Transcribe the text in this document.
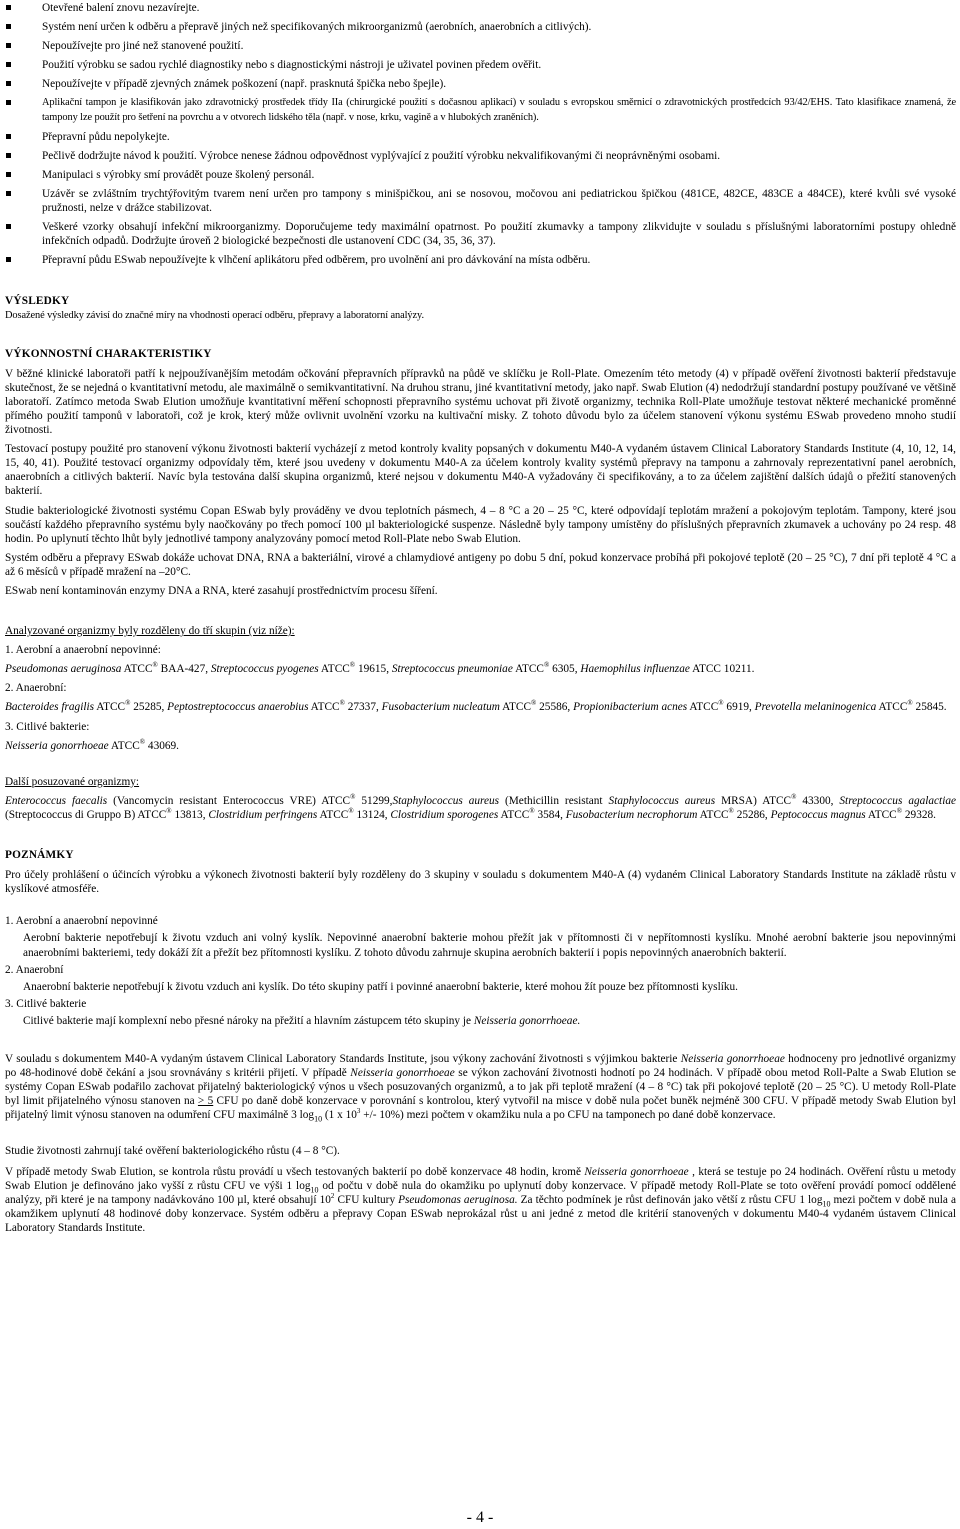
Otevřené balení znovu nezavírejte.
Systém není určen k odběru a přepravě jiných než specifikovaných mikroorganizmů (aerobních, anaerobních a citlivých).
Nepoužívejte pro jiné než stanovené použití.
Použití výrobku se sadou rychlé diagnostiky nebo s diagnostickými nástroji je uživatel povinen předem ověřit.
Nepoužívejte v případě zjevných známek poškození (např. prasknutá špička nebo špejle).
Aplikační tampon je klasifikován jako zdravotnický prostředek třídy IIa (chirurgické použití s dočasnou aplikací) v souladu s evropskou směrnicí o zdravotnických prostředcích 93/42/EHS. Tato klasifikace znamená, že tampony lze použít pro šetření na povrchu a v otvorech lidského těla (např. v nose, krku, vagině a v hlubokých zraněních).
Přepravní půdu nepolykejte.
Pečlivě dodržujte návod k použití. Výrobce nenese žádnou odpovědnost vyplývající z použití výrobku nekvalifikovanými či neoprávněnými osobami.
Manipulaci s výrobky smí provádět pouze školený personál.
Uzávěr se zvláštním trychtýřovitým tvarem není určen pro tampony s minišpičkou, ani se nosovou, močovou ani pediatrickou špičkou (481CE, 482CE, 483CE a 484CE), které kvůli své vysoké pružnosti, nelze v drážce stabilizovat.
Veškeré vzorky obsahují infekční mikroorganizmy. Doporučujeme tedy maximální opatrnost. Po použití zkumavky a tampony zlikvidujte v souladu s příslušnými laboratorními postupy ohledně infekčních odpadů. Dodržujte úroveň 2 biologické bezpečnosti dle ustanovení CDC (34, 35, 36, 37).
Přepravní půdu ESwab nepoužívejte k vlhčení aplikátoru před odběrem, pro uvolnění ani pro dávkování na místa odběru.

VÝSLEDKY

Dosažené výsledky závisí do značné míry na vhodnosti operací odběru, přepravy a laboratorní analýzy.

VÝKONNOSTNÍ CHARAKTERISTIKY

V běžné klinické laboratoři patří k nejpoužívanějším metodám očkování přepravních přípravků na půdě ve sklíčku je Roll-Plate. Omezením této metody (4) v případě ověření životnosti bakterií představuje skutečnost, že se nejedná o kvantitativní metodu, ale maximálně o semikvantitativní. Na druhou stranu, jiné kvantitativní metody, jako např. Swab Elution (4) nedodržují standardní postupy používané ve většině laboratoří. Zatímco metoda Swab Elution umožňuje kvantitativní měření schopnosti přepravního systému uchovat při životě organizmy, technika Roll-Plate umožňuje testovat některé mechanické proměnné přímého použití tamponů v laboratoři, což je krok, který může ovlivnit uvolnění vzorku na kultivační misky. Z tohoto důvodu bylo za účelem stanovení výkonu systému ESwab provedeno mnoho studií životnosti.

Testovací postupy použité pro stanovení výkonu životnosti bakterií vycházejí z metod kontroly kvality popsaných v dokumentu M40-A vydaném ústavem Clinical Laboratory Standards Institute (4, 10, 12, 14, 15, 40, 41). Použité testovací organizmy odpovídaly těm, které jsou uvedeny v dokumentu M40-A za účelem kontroly kvality systémů přepravy na tamponu a zahrnovaly reprezentativní panel aerobních, anaerobních a citlivých bakterií. Navíc byla testována další skupina organizmů, které nejsou v dokumentu M40-A vyžadovány či specifikovány, a to za účelem zajištění dalších údajů o přežití stanovených bakterií.

Studie bakteriologické životnosti systému Copan ESwab byly prováděny ve dvou teplotních pásmech, 4 – 8 °C a 20 – 25 °C, které odpovídají teplotám mražení a pokojovým teplotám. Tampony, které jsou součástí každého přepravního systému byly naočkovány po třech pomocí 100 µl bakteriologické suspenze. Následně byly tampony umístěny do příslušných přepravních zkumavek a uchovány po 24 resp. 48 hodin. Po uplynutí těchto lhůt byly jednotlivé tampony analyzovány pomocí metod Roll-Plate nebo Swab Elution.

Systém odběru a přepravy ESwab dokáže uchovat DNA, RNA a bakteriální, virové a chlamydiové antigeny po dobu 5 dní, pokud konzervace probíhá při pokojové teplotě (20 – 25 °C), 7 dní při teplotě 4 °C a až 6 měsíců v případě mražení na –20°C.

ESwab není kontaminován enzymy DNA a RNA, které zasahují prostřednictvím procesu šíření.

Analyzované organizmy byly rozděleny do tří skupin (viz níže):

1. Aerobní a anaerobní nepovinné:

Pseudomonas aeruginosa ATCC® BAA-427, Streptococcus pyogenes ATCC® 19615, Streptococcus pneumoniae ATCC® 6305, Haemophilus influenzae ATCC 10211.

2. Anaerobní:

Bacteroides fragilis ATCC® 25285, Peptostreptococcus anaerobius ATCC® 27337, Fusobacterium nucleatum ATCC® 25586, Propionibacterium acnes ATCC® 6919, Prevotella melaninogenica ATCC® 25845.

3. Citlivé bakterie:

Neisseria gonorrhoeae ATCC® 43069.

Další posuzované organizmy:

Enterococcus faecalis (Vancomycin resistant Enterococcus VRE) ATCC® 51299,Staphylococcus aureus (Methicillin resistant Staphylococcus aureus MRSA) ATCC® 43300, Streptococcus agalactiae (Streptococcus di Gruppo B) ATCC® 13813, Clostridium perfringens ATCC® 13124, Clostridium sporogenes ATCC® 3584, Fusobacterium necrophorum ATCC® 25286, Peptococcus magnus ATCC® 29328.

POZNÁMKY

Pro účely prohlášení o účincích výrobku a výkonech životnosti bakterií byly rozděleny do 3 skupiny v souladu s dokumentem M40-A (4) vydaném Clinical Laboratory Standards Institute na základě růstu v kyslíkové atmosféře.

1. Aerobní a anaerobní nepovinné

Aerobní bakterie nepotřebují k životu vzduch ani volný kyslík. Nepovinné anaerobní bakterie mohou přežít jak v přítomnosti či v nepřítomnosti kyslíku. Mnohé aerobní bakterie jsou nepovinnými anaerobními bakteriemi, tedy dokáží žít a přežít bez přítomnosti kyslíku. Z tohoto důvodu zahrnuje skupina aerobních bakterií i popis nepovinných anaerobních bakterií.

2. Anaerobní

Anaerobní bakterie nepotřebují k životu vzduch ani kyslík. Do této skupiny patří i povinné anaerobní bakterie, které mohou žít pouze bez přítomnosti kyslíku.

3. Citlivé bakterie

Citlivé bakterie mají komplexní nebo přesné nároky na přežití a hlavním zástupcem této skupiny je Neisseria gonorrhoeae.

V souladu s dokumentem M40-A vydaným ústavem Clinical Laboratory Standards Institute, jsou výkony zachování životnosti s výjimkou bakterie Neisseria gonorrhoeae hodnoceny pro jednotlivé organizmy po 48-hodinové době čekání a jsou srovnávány s kritérii přijetí. V případě Neisseria gonorrhoeae se výkon zachování životnosti hodnotí po 24 hodinách. V případě obou metod Roll-Palte a Swab Elution se systémy Copan ESwab podařilo zachovat přijatelný bakteriologický výnos u všech posuzovaných organizmů, a to jak při teplotě mražení (4 – 8 °C) tak při pokojové teplotě (20 – 25 °C). U metody Roll-Plate byl limit přijatelného výnosu stanoven na > 5 CFU po daně době konzervace v porovnání s kontrolou, který vytvořil na misce v době nula počet buněk nejméně 300 CFU. V případě metody Swab Elution byl přijatelný limit výnosu stanoven na odumření CFU maximálně 3 $\log_{10} (1$ x $10^3$ +/- 10%) mezi počtem v okamžiku nula a po CFU na tamponech po dané době konzervace.

Studie životnosti zahrnují také ověření bakteriologického růstu (4 – 8 °C).

V případě metody Swab Elution, se kontrola růstu provádí u všech testovaných bakterií po době konzervace 48 hodin, kromě Neisseria gonorrhoeae , která se testuje po 24 hodinách. Ověření růstu u metody Swab Elution je definováno jako vyšší z růstu CFU ve výši 1 $\log_{10}$ od počtu v době nula do okamžiku po uplynutí doby konzervace. V případě metody Roll-Plate se toto ověření provádí pomocí oddělené analýzy, při které je na tampony nadávkováno 100 µl, které obsahují $10^2$ CFU kultury Pseudomonas aeruginosa. Za těchto podmínek je růst definován jako větší z růstu CFU 1 $\log_{10}$ mezi počtem v době nula a okamžikem uplynutí 48 hodinové doby konzervace. Systém odběru a přepravy Copan ESwab neprokázal růst u ani jedné z metod dle kritérií stanovených v dokumentu M40-4 vydaném ústavem Clinical Laboratory Standards Institute.

- 4 -
